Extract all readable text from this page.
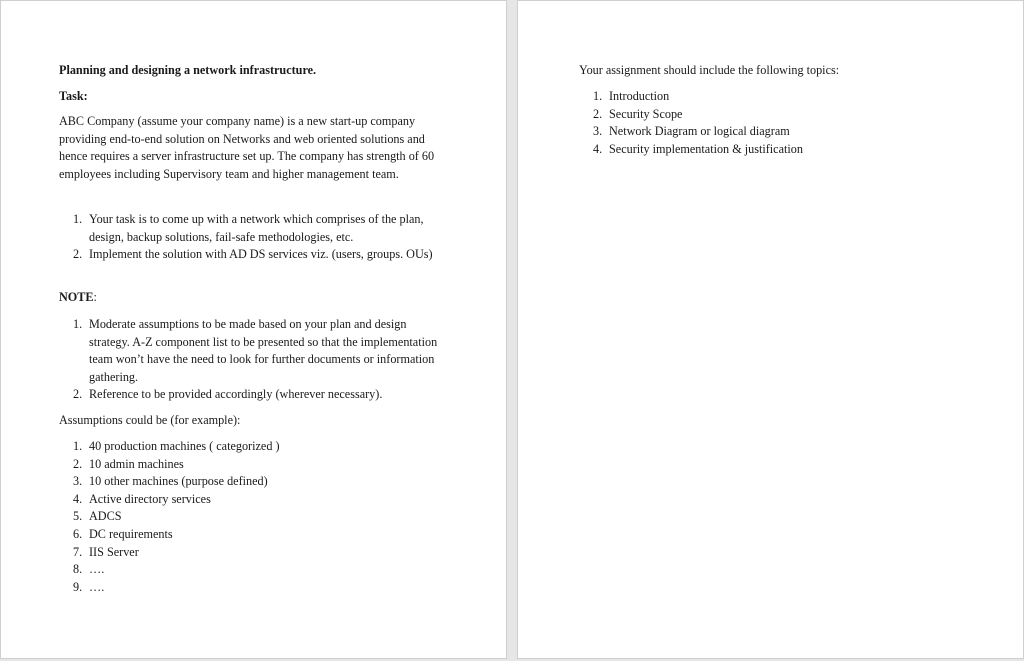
Planning and designing a network infrastructure.
Task:
ABC Company (assume your company name) is a new start-up company providing end-to-end solution on Networks and web oriented solutions and hence requires a server infrastructure set up. The company has strength of 60 employees including Supervisory team and higher management team.
1. Your task is to come up with a network which comprises of the plan, design, backup solutions, fail-safe methodologies, etc.
2. Implement the solution with AD DS services viz. (users, groups. OUs)
NOTE:
1. Moderate assumptions to be made based on your plan and design strategy. A-Z component list to be presented so that the implementation team won’t have the need to look for further documents or information gathering.
2. Reference to be provided accordingly (wherever necessary).
Assumptions could be (for example):
1. 40 production machines ( categorized )
2. 10 admin machines
3. 10 other machines (purpose defined)
4. Active directory services
5. ADCS
6. DC requirements
7. IIS Server
8. ….
9. ….
Your assignment should include the following topics:
1. Introduction
2. Security Scope
3. Network Diagram or logical diagram
4. Security implementation & justification
